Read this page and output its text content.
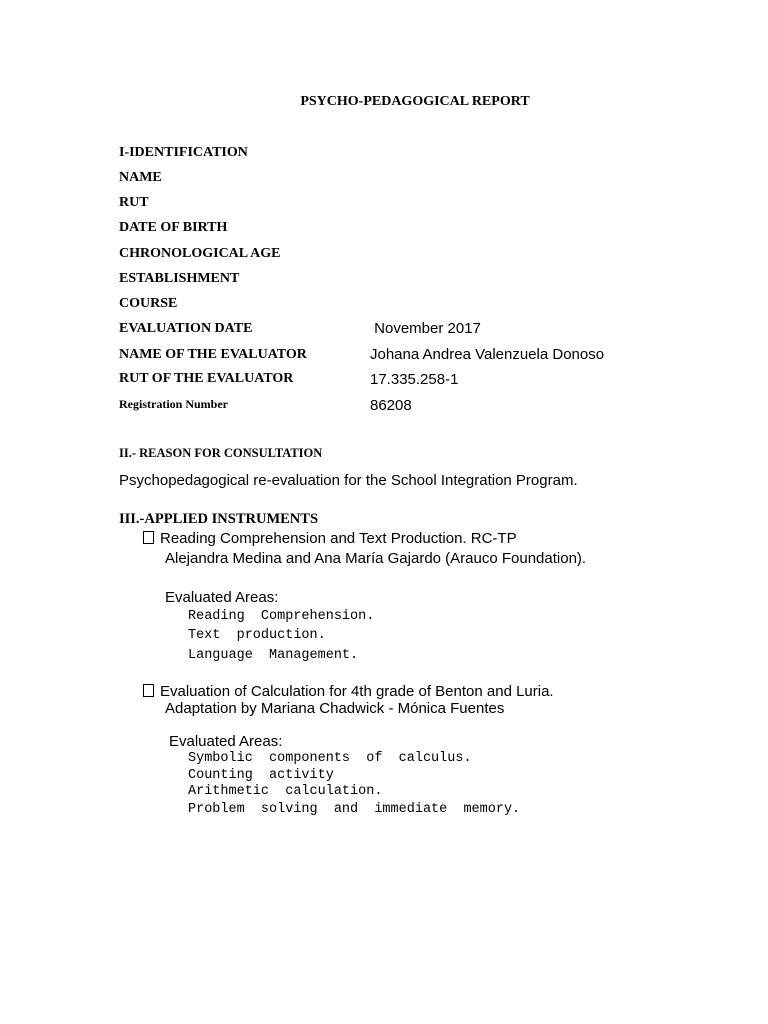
PSYCHO-PEDAGOGICAL REPORT
I-IDENTIFICATION
NAME
RUT
DATE OF BIRTH
CHRONOLOGICAL AGE
ESTABLISHMENT
COURSE
EVALUATION DATE	November 2017
NAME OF THE EVALUATOR	Johana Andrea Valenzuela Donoso
RUT OF THE EVALUATOR	17.335.258-1
Registration Number	86208
II.- REASON FOR CONSULTATION
Psychopedagogical re-evaluation for the School Integration Program.
III.-APPLIED INSTRUMENTS
Reading Comprehension and Text Production. RC-TP
Alejandra Medina and Ana María Gajardo (Arauco Foundation).
Evaluated Areas:
Reading  Comprehension.
Text  production.
Language  Management.
Evaluation of Calculation for 4th grade of Benton and Luria.
Adaptation by Mariana Chadwick - Mónica Fuentes
Evaluated Areas:
Symbolic  components  of  calculus.
Counting  activity
Arithmetic  calculation.
Problem  solving  and  immediate  memory.
